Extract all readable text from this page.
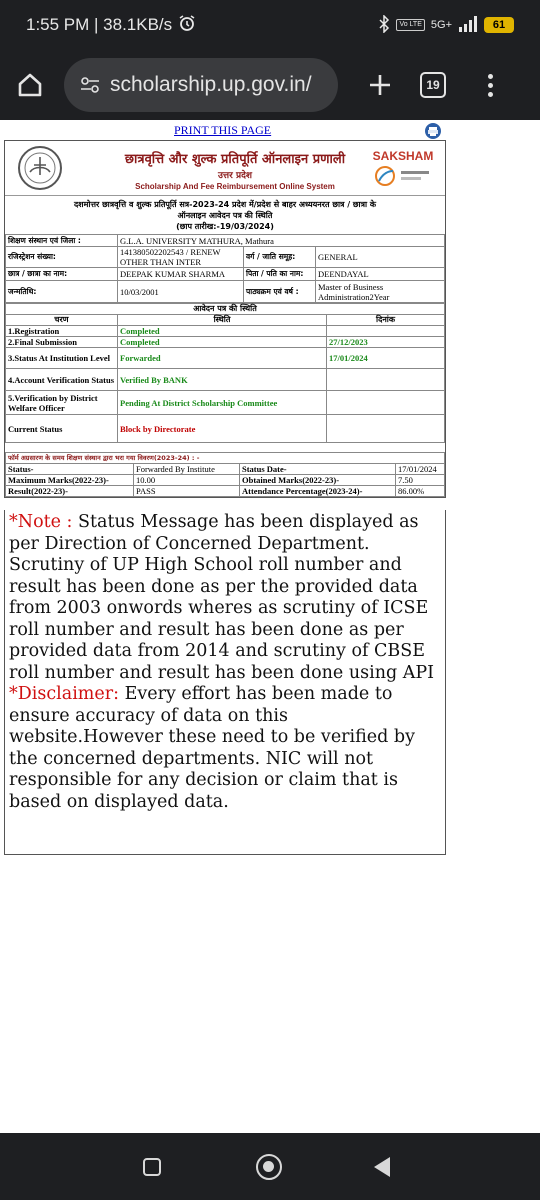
1:55 PM | 38.1KB/s	Vo LTE 5G+	61
scholarship.up.gov.in/	19
PRINT THIS PAGE
छात्रवृत्ति और शुल्क प्रतिपूर्ति ऑनलाइन प्रणाली
उत्तर प्रदेश
Scholarship And Fee Reimbursement Online System
SAKSHAM
दशमोत्तर छात्रवृत्ति व शुल्क प्रतिपूर्ति सत्र-2023-24 प्रदेश में/प्रदेश से बाहर अध्ययनरत छात्र / छात्रा के
ऑनलाइन आवेदन पत्र की स्थिति
(छाप तारीख:-19/03/2024)
शिक्षण संस्थान एवं जिला :	G.L.A. UNIVERSITY MATHURA, Mathura		
रजिस्ट्रेशन संख्या:	141380502202543 / RENEW OTHER THAN INTER	वर्ग / जाति समूह:	GENERAL
छात्र / छात्रा का नाम:	DEEPAK KUMAR SHARMA	पिता / पति का नाम:	DEENDAYAL
जन्मतिथि:	10/03/2001	पाठ्यक्रम एवं वर्ष :	Master of Business Administration2Year
आवेदन पत्र की स्थिति		
चरण	स्थिति	दिनांक
1.Registration	Completed	
2.Final Submission	Completed	27/12/2023
3.Status At Institution Level	Forwarded	17/01/2024
4.Account Verification Status	Verified By BANK	
5.Verification by District Welfare Officer	Pending At District Scholarship Committee	
Current Status	Block by Directorate	
फॉर्म अग्रसारण के समय शिक्षण संस्थान द्वारा भरा गया विवरण(2023-24) : -			
Status-	Forwarded By Institute	Status Date-	17/01/2024
Maximum Marks(2022-23)-	10.00	Obtained Marks(2022-23)-	7.50
Result(2022-23)-	PASS	Attendance Percentage(2023-24)-	86.00%

*Note : Status Message has been displayed as per Direction of Concerned Department. Scrutiny of UP High School roll number and result has been done as per the provided data from 2003 onwords wheres as scrutiny of ICSE roll number and result has been done as per provided data from 2014 and scrutiny of CBSE roll number and result has been done using API

*Disclaimer: Every effort has been made to ensure accuracy of data on this website.However these need to be verified by the concerned departments. NIC will not responsible for any decision or claim that is based on displayed data.
